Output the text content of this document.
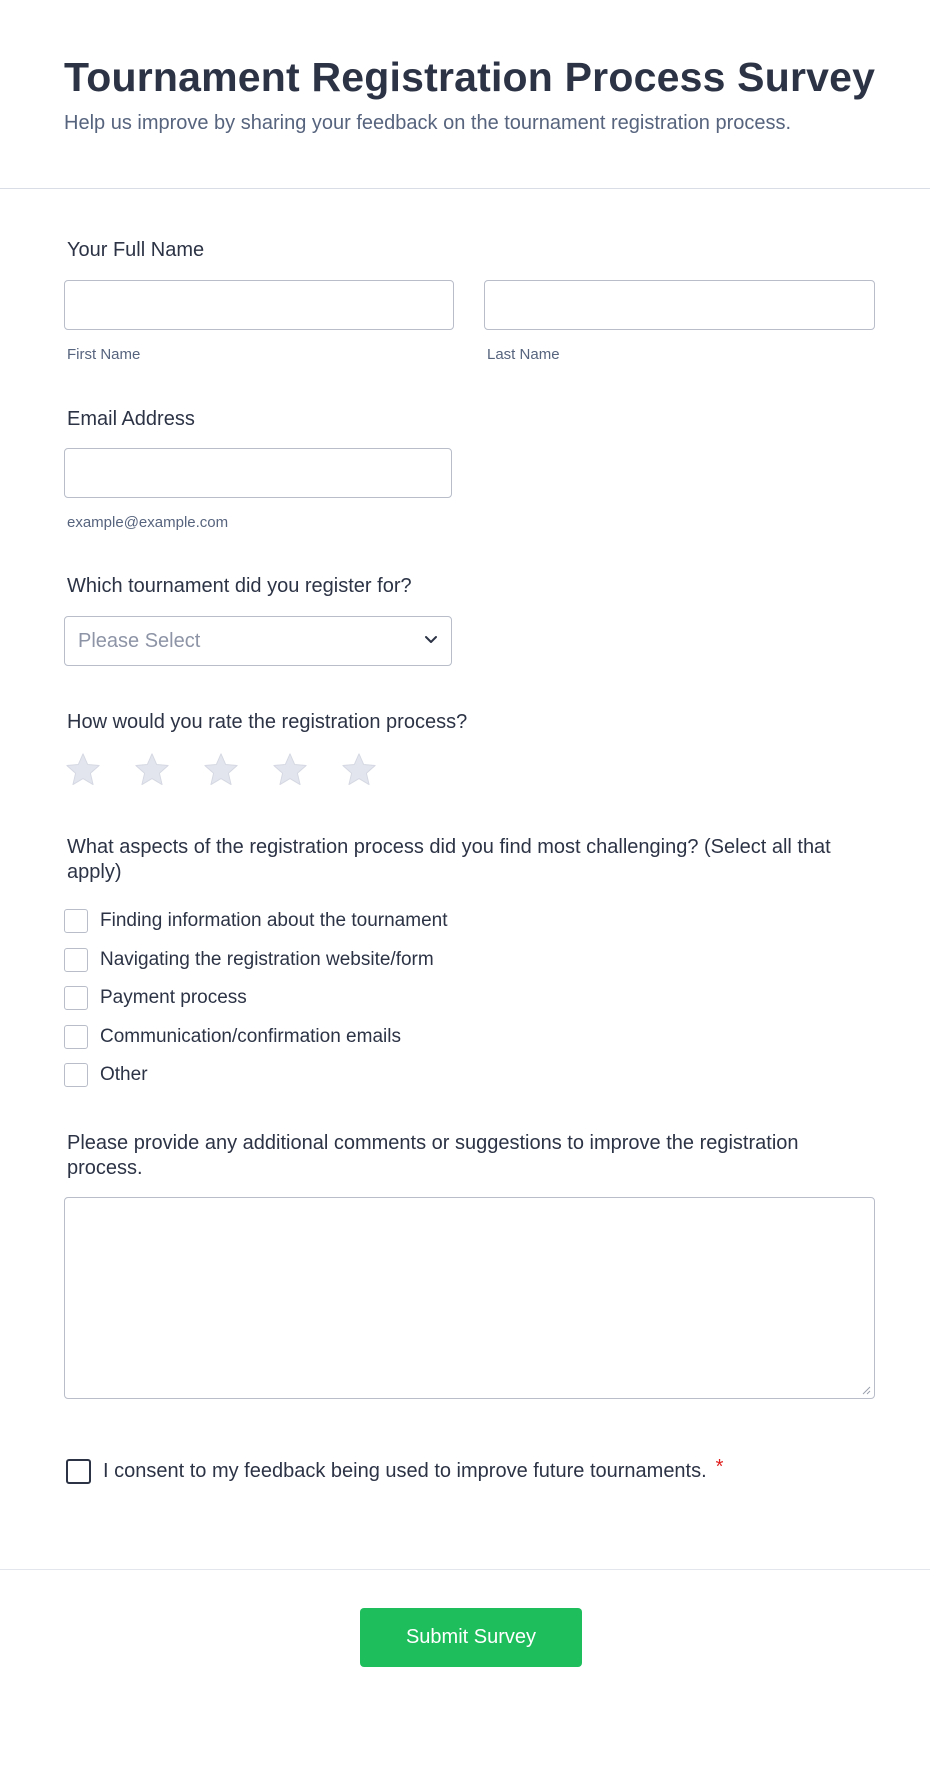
Tournament Registration Process Survey
Help us improve by sharing your feedback on the tournament registration process.
Your Full Name
First Name	Last Name
Email Address
example@example.com
Which tournament did you register for?
Please Select
How would you rate the registration process?
What aspects of the registration process did you find most challenging? (Select all that apply)
Finding information about the tournament
Navigating the registration website/form
Payment process
Communication/confirmation emails
Other
Please provide any additional comments or suggestions to improve the registration process.
I consent to my feedback being used to improve future tournaments. *
Submit Survey
